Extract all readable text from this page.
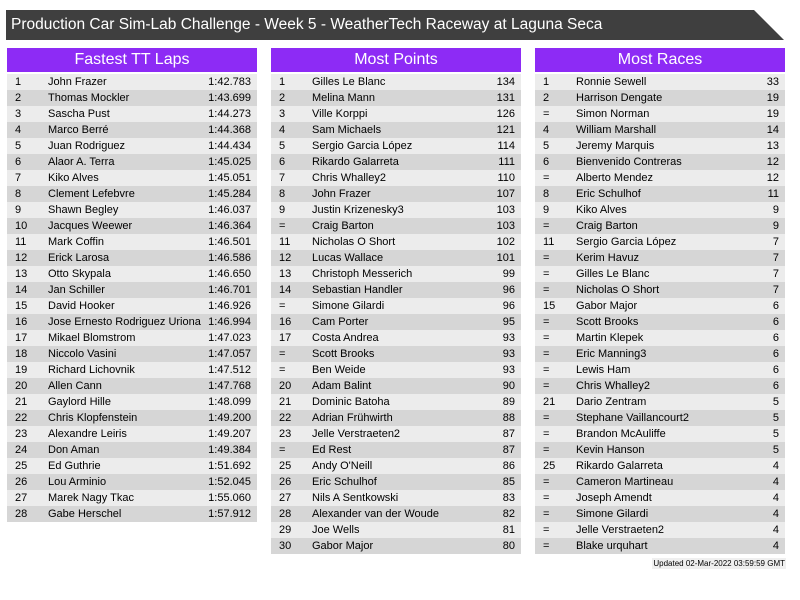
Production Car Sim-Lab Challenge - Week 5 - WeatherTech Raceway at Laguna Seca
Fastest TT Laps
1 John Frazer	1:42.783
2 Thomas Mockler	1:43.699
3 Sascha Pust	1:44.273
4 Marco Berré	1:44.368
5 Juan Rodriguez	1:44.434
6 Alaor A. Terra	1:45.025
7 Kiko Alves	1:45.051
8 Clement Lefebvre	1:45.284
9 Shawn Begley	1:46.037
10 Jacques Weewer	1:46.364
11 Mark Coffin	1:46.501
12 Erick Larosa	1:46.586
13 Otto Skypala	1:46.650
14 Jan Schiller	1:46.701
15 David Hooker	1:46.926
16 Jose Ernesto Rodriguez Uriona 1:46.994
17 Mikael Blomstrom	1:47.023
18 Niccolo Vasini	1:47.057
19 Richard Lichovnik	1:47.512
20 Allen Cann	1:47.768
21 Gaylord Hille	1:48.099
22 Chris Klopfenstein	1:49.200
23 Alexandre Leiris	1:49.207
24 Don Aman	1:49.384
25 Ed Guthrie	1:51.692
26 Lou Arminio	1:52.045
27 Marek Nagy Tkac	1:55.060
28 Gabe Herschel	1:57.912
Most Points
1 Gilles Le Blanc	134
2 Melina Mann	131
3 Ville Korppi	126
4 Sam Michaels	121
5 Sergio Garcia López	114
6 Rikardo Galarreta	111
7 Chris Whalley2	110
8 John Frazer	107
9 Justin Krizenesky3	103
= Craig Barton	103
11 Nicholas O Short	102
12 Lucas Wallace	101
13 Christoph Messerich	99
14 Sebastian Handler	96
= Simone Gilardi	96
16 Cam Porter	95
17 Costa Andrea	93
= Scott Brooks	93
= Ben Weide	93
20 Adam Balint	90
21 Dominic Batoha	89
22 Adrian Frühwirth	88
23 Jelle Verstraeten2	87
= Ed Rest	87
25 Andy O'Neill	86
26 Eric Schulhof	85
27 Nils A Sentkowski	83
28 Alexander van der Woude	82
29 Joe Wells	81
30 Gabor Major	80
Most Races
1 Ronnie Sewell	33
2 Harrison Dengate	19
= Simon Norman	19
4 William Marshall	14
5 Jeremy Marquis	13
6 Bienvenido Contreras	12
= Alberto Mendez	12
8 Eric Schulhof	11
9 Kiko Alves	9
= Craig Barton	9
11 Sergio Garcia López	7
= Kerim Havuz	7
= Gilles Le Blanc	7
= Nicholas O Short	7
15 Gabor Major	6
= Scott Brooks	6
= Martin Klepek	6
= Eric Manning3	6
= Lewis Ham	6
= Chris Whalley2	6
21 Dario Zentram	5
= Stephane Vaillancourt2	5
= Brandon McAuliffe	5
= Kevin Hanson	5
25 Rikardo Galarreta	4
= Cameron Martineau	4
= Joseph Amendt	4
= Simone Gilardi	4
= Jelle Verstraeten2	4
= Blake urquhart	4
Updated 02-Mar-2022 03:59:59 GMT
